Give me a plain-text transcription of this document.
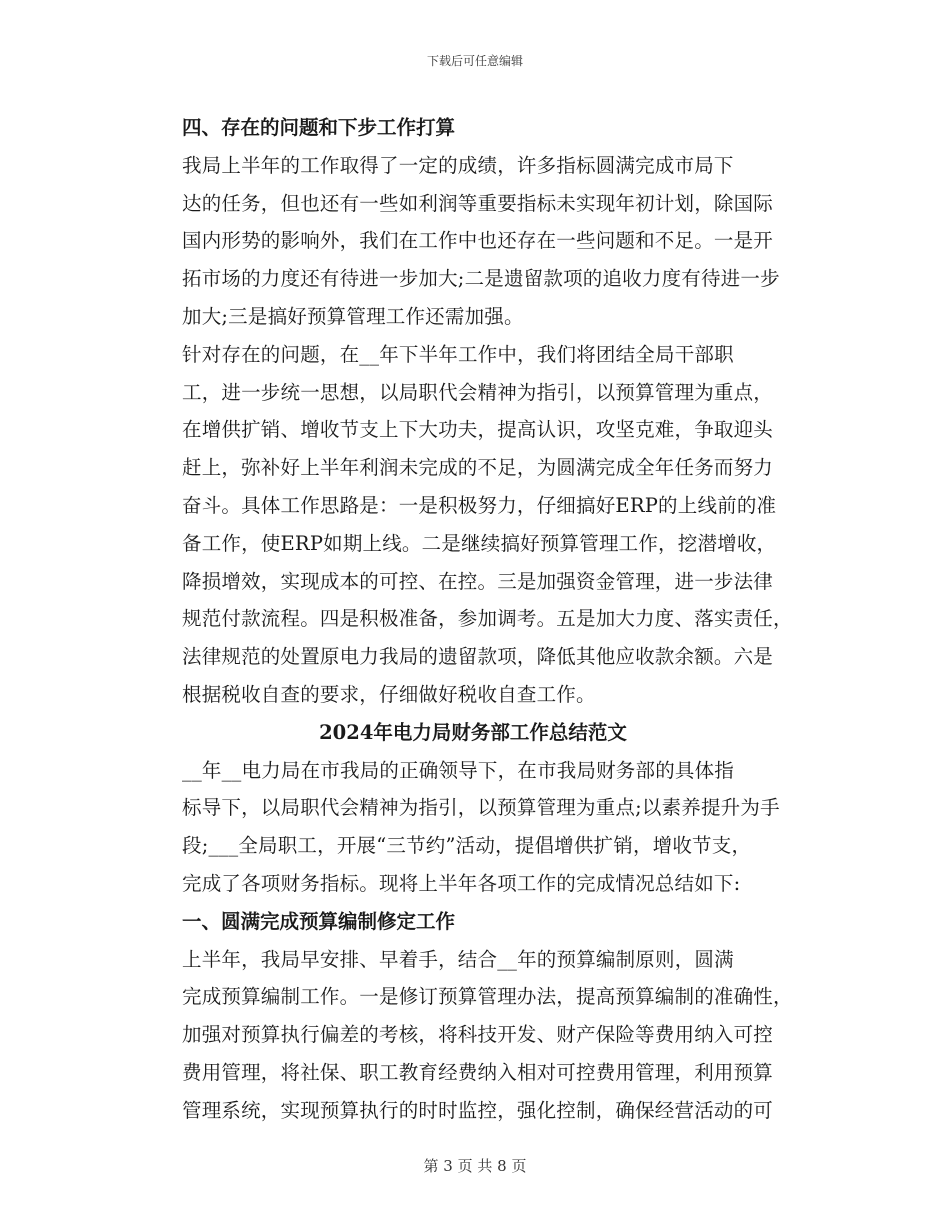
下载后可任意编辑

四、存在的问题和下步工作打算

我局上半年的工作取得了一定的成绩，许多指标圆满完成市局下
达的任务，但也还有一些如利润等重要指标未实现年初计划，除国际
国内形势的影响外，我们在工作中也还存在一些问题和不足。一是开
拓市场的力度还有待进一步加大;二是遗留款项的追收力度有待进一步
加大;三是搞好预算管理工作还需加强。

针对存在的问题，在__年下半年工作中，我们将团结全局干部职
工，进一步统一思想，以局职代会精神为指引，以预算管理为重点，
在增供扩销、增收节支上下大功夫，提高认识，攻坚克难，争取迎头
赶上，弥补好上半年利润未完成的不足，为圆满完成全年任务而努力
奋斗。具体工作思路是：一是积极努力，仔细搞好ERP的上线前的准
备工作，使ERP如期上线。二是继续搞好预算管理工作，挖潜增收，
降损增效，实现成本的可控、在控。三是加强资金管理，进一步法律
规范付款流程。四是积极准备，参加调考。五是加大力度、落实责任，
法律规范的处置原电力我局的遗留款项，降低其他应收款余额。六是
根据税收自查的要求，仔细做好税收自查工作。

2024年电力局财务部工作总结范文

__年__电力局在市我局的正确领导下，在市我局财务部的具体指
标导下，以局职代会精神为指引，以预算管理为重点;以素养提升为手
段;___全局职工，开展“三节约”活动，提倡增供扩销，增收节支，
完成了各项财务指标。现将上半年各项工作的完成情况总结如下:

一、圆满完成预算编制修定工作

上半年，我局早安排、早着手，结合__年的预算编制原则，圆满
完成预算编制工作。一是修订预算管理办法，提高预算编制的准确性，
加强对预算执行偏差的考核，将科技开发、财产保险等费用纳入可控
费用管理，将社保、职工教育经费纳入相对可控费用管理，利用预算
管理系统，实现预算执行的时时监控，强化控制，确保经营活动的可

第 3 页 共 8 页
